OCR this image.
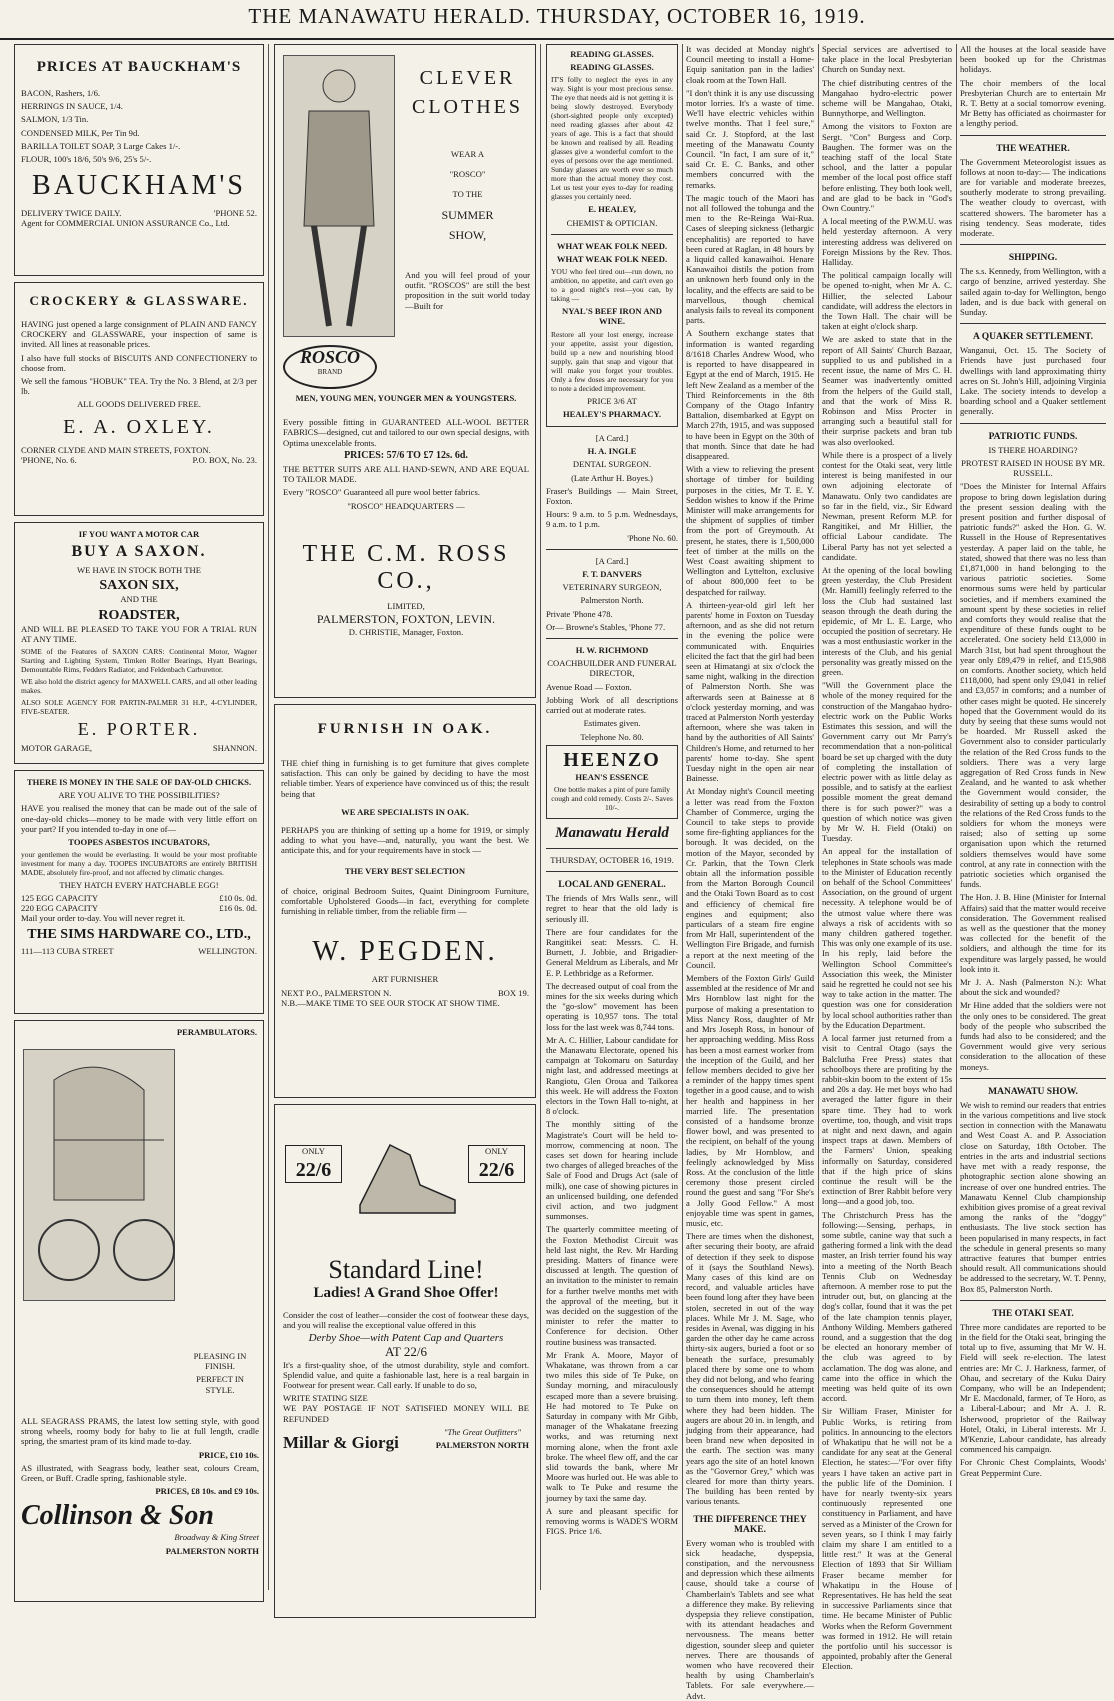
THE MANAWATU HERALD. THURSDAY, OCTOBER 16, 1919.
PRICES AT BAUCKHAM'S
BACON, Rashers, 1/6.
HERRINGS IN SAUCE, 1/4.
SALMON, 1/3 Tin.
CONDENSED MILK, Per Tin 9d.
BARILLA TOILET SOAP, 3 Large Cakes 1/-.
FLOUR, 100's 18/6, 50's 9/6, 25's 5/-.
BAUCKHAM'S
DELIVERY TWICE DAILY.	'PHONE 52.
Agent for COMMERCIAL UNION ASSURANCE Co., Ltd.
CROCKERY & GLASSWARE.
HAVING just opened a large consignment of PLAIN AND FANCY CROCKERY and GLASSWARE, your inspection of same is invited. All lines at reasonable prices.
I also have full stocks of BISCUITS AND CONFECTIONERY to choose from.
We sell the famous "HOBUK" TEA. Try the No. 3 Blend, at 2/3 per lb.
ALL GOODS DELIVERED FREE.
E. A. OXLEY.
CORNER CLYDE AND MAIN STREETS, FOXTON.
'PHONE, No. 6.	P.O. BOX, No. 23.
IF YOU WANT A MOTOR CAR
BUY A SAXON.
WE HAVE IN STOCK BOTH THE
SAXON SIX,
AND THE
ROADSTER,
AND WILL BE PLEASED TO TAKE YOU FOR A TRIAL RUN AT ANY TIME.
SOME of the Features of SAXON CARS: Continental Motor, Wagner Starting and Lighting System, Timken Roller Bearings, Hyatt Bearings, Demountable Rims, Fedders Radiator, and Feldenbach Carburettor.
WE also hold the district agency for MAXWELL CARS, and all other leading makes.
ALSO SOLE AGENCY FOR PARTIN-PALMER 31 H.P., 4-CYLINDER, FIVE-SEATER.
E. PORTER.
MOTOR GARAGE,	SHANNON.
THERE IS MONEY IN THE SALE OF DAY-OLD CHICKS.
ARE YOU ALIVE TO THE POSSIBILITIES?
HAVE you realised the money that can be made out of the sale of one-day-old chicks—money to be made with very little effort on your part? If you intended to-day in one of—
TOOPES ASBESTOS INCUBATORS,
your gentlemen the would be everlasting. It would be your most profitable investment for many a day. TOOPES INCUBATORS are entirely BRITISH MADE, absolutely fire-proof, and not affected by climatic changes.
THEY HATCH EVERY HATCHABLE EGG!
125 EGG CAPACITY	£10 0s. 0d.
220 EGG CAPACITY	£16 0s. 0d.
Mail your order to-day. You will never regret it.
THE SIMS HARDWARE CO., LTD.,
111—113 CUBA STREET	WELLINGTON.
PERAMBULATORS.
PLEASING IN FINISH.
PERFECT IN STYLE.
ALL SEAGRASS PRAMS, the latest low setting style, with good strong wheels, roomy body for baby to lie at full length, cradle spring, the smartest pram of its kind made to-day.
PRICE, £10 10s.
AS illustrated, with Seagrass body, leather seat, colours Cream, Green, or Buff. Cradle spring, fashionable style.
PRICES, £8 10s. and £9 10s.
Collinson & Son
Broadway & King Street
PALMERSTON NORTH
CLEVER
CLOTHES
WEAR A
"ROSCO"
TO THE
SUMMER
SHOW,
And you will feel proud of your outfit. "ROSCOS" are still the best proposition in the suit world today—Built for
ROSCO
BRAND
MEN, YOUNG MEN, YOUNGER MEN & YOUNGSTERS.
Every possible fitting in GUARANTEED ALL-WOOL BETTER FABRICS—designed, cut and tailored to our own special designs, with Optima unexcelable fronts.
PRICES: 57/6 TO £7 12s. 6d.
THE BETTER SUITS ARE ALL HAND-SEWN, AND ARE EQUAL TO TAILOR MADE.
Every "ROSCO" Guaranteed all pure wool better fabrics.
"ROSCO" HEADQUARTERS —
THE C.M. ROSS CO.,
LIMITED,
PALMERSTON, FOXTON, LEVIN.
D. CHRISTIE, Manager, Foxton.
FURNISH IN OAK.
THE chief thing in furnishing is to get furniture that gives complete satisfaction. This can only be gained by deciding to have the most reliable timber. Years of experience have convinced us of this; the result being that
WE ARE SPECIALISTS IN OAK.
PERHAPS you are thinking of setting up a home for 1919, or simply adding to what you have—and, naturally, you want the best. We anticipate this, and for your requirements have in stock —
THE VERY BEST SELECTION
of choice, original Bedroom Suites, Quaint Diningroom Furniture, comfortable Upholstered Goods—in fact, everything for complete furnishing in reliable timber, from the reliable firm —
W. PEGDEN.
ART FURNISHER
NEXT P.O., PALMERSTON N.	BOX 19.
N.B.—MAKE TIME TO SEE OUR STOCK AT SHOW TIME.
ONLY
22/6
ONLY
22/6
Standard Line!
Ladies! A Grand Shoe Offer!
Consider the cost of leather—consider the cost of footwear these days, and you will realise the exceptional value offered in this
Derby Shoe—with Patent Cap and Quarters
AT 22/6
It's a first-quality shoe, of the utmost durability, style and comfort. Splendid value, and quite a fashionable last, here is a real bargain in Footwear for present wear. Call early. If unable to do so,
WRITE STATING SIZE
WE PAY POSTAGE IF NOT SATISFIED MONEY WILL BE REFUNDED
Millar & Giorgi
"The Great Outfitters"
PALMERSTON NORTH
READING GLASSES.
READING GLASSES.
IT'S folly to neglect the eyes in any way. Sight is your most precious sense. The eye that needs aid is not getting it is being slowly destroyed. Everybody (short-sighted people only excepted) need reading glasses after about 42 years of age. This is a fact that should be known and realised by all. Reading glasses give a wonderful comfort to the eyes of persons over the age mentioned. Sunday glasses are worth ever so much more than the actual money they cost. Let us test your eyes to-day for reading glasses you certainly need.
E. HEALEY,
CHEMIST & OPTICIAN.
WHAT WEAK FOLK NEED.
WHAT WEAK FOLK NEED.
YOU who feel tired out—run down, no ambition, no appetite, and can't even go to a good night's rest—you can, by taking —
NYAL'S BEEF IRON AND WINE.
Restore all your lost energy, increase your appetite, assist your digestion, build up a new and nourishing blood supply, gain that snap and vigour that will make you forget your troubles. Only a few doses are necessary for you to note a decided improvement.
PRICE 3/6 AT
HEALEY'S PHARMACY.
[A Card.]
H. A. INGLE
DENTAL SURGEON.
(Late Arthur H. Boyes.)
Fraser's Buildings — Main Street, Foxton.
Hours: 9 a.m. to 5 p.m. Wednesdays, 9 a.m. to 1 p.m.
'Phone No. 60.
[A Card.]
F. T. DANVERS
VETERINARY SURGEON,
Palmerston North.
Private 'Phone 478.
Or— Browne's Stables, 'Phone 77.
H. W. RICHMOND
COACHBUILDER AND FUNERAL DIRECTOR,
Avenue Road — Foxton.
Jobbing Work of all descriptions carried out at moderate rates.
Estimates given.
Telephone No. 80.
HEENZO
HEAN'S ESSENCE
One bottle makes a pint of pure family cough and cold remedy. Costs 2/-. Saves 10/-.
Manawatu Herald
THURSDAY, OCTOBER 16, 1919.
LOCAL AND GENERAL.
The friends of Mrs Walls senr., will regret to hear that the old lady is seriously ill.
There are four candidates for the Rangitikei seat: Messrs. C. H. Burnett, J. Jobbie, and Brigadier-General Meldrum as Liberals, and Mr E. P. Lethbridge as a Reformer.
The decreased output of coal from the mines for the six weeks during which the "go-slow" movement has been operating is 10,957 tons. The total loss for the last week was 8,744 tons.
Mr A. C. Hillier, Labour candidate for the Manawatu Electorate, opened his campaign at Tokomaru on Saturday night last, and addressed meetings at Rangiotu, Glen Oroua and Taikorea this week. He will address the Foxton electors in the Town Hall to-night, at 8 o'clock.
The monthly sitting of the Magistrate's Court will be held to-morrow, commencing at noon. The cases set down for hearing include two charges of alleged breaches of the Sale of Food and Drugs Act (sale of milk), one case of showing pictures in an unlicensed building, one defended civil action, and two judgment summonses.
The quarterly committee meeting of the Foxton Methodist Circuit was held last night, the Rev. Mr Harding presiding. Matters of finance were discussed at length. The question of an invitation to the minister to remain for a further twelve months met with the approval of the meeting, but it was decided on the suggestion of the minister to refer the matter to Conference for decision. Other routine business was transacted.
Mr Frank A. Moore, Mayor of Whakatane, was thrown from a car two miles this side of Te Puke, on Sunday morning, and miraculously escaped more than a severe bruising. He had motored to Te Puke on Saturday in company with Mr Gibb, manager of the Whakatane freezing works, and was returning next morning alone, when the front axle broke. The wheel flew off, and the car slid towards the bank, where Mr Moore was hurled out. He was able to walk to Te Puke and resume the journey by taxi the same day.
A sure and pleasant specific for removing worms is WADE'S WORM FIGS. Price 1/6.
It was decided at Monday night's Council meeting to install a Home-Equip sanitation pan in the ladies' cloak room at the Town Hall.
"I don't think it is any use discussing motor lorries. It's a waste of time. We'll have electric vehicles within twelve months. That I feel sure," said Cr. J. Stopford, at the last meeting of the Manawatu County Council. "In fact, I am sure of it," said Cr. E. C. Banks, and other members concurred with the remarks.
The magic touch of the Maori has not all followed the tohunga and the men to the Re-Reinga Wai-Rua. Cases of sleeping sickness (lethargic encephalitis) are reported to have been cured at Raglan, in 48 hours by a liquid called kanawaihoi. Henare Kanawaihoi distils the potion from an unknown herb found only in the locality, and the effects are said to be marvellous, though chemical analysis fails to reveal its component parts.
A Southern exchange states that information is wanted regarding 8/1618 Charles Andrew Wood, who is reported to have disappeared in Egypt at the end of March, 1915. He left New Zealand as a member of the Third Reinforcements in the 8th Company of the Otago Infantry Battalion, disembarked at Egypt on March 27th, 1915, and was supposed to have been in Egypt on the 30th of that month. Since that date he had disappeared.
With a view to relieving the present shortage of timber for building purposes in the cities, Mr T. E. Y. Seddon wishes to know if the Prime Minister will make arrangements for the shipment of supplies of timber from the port of Greymouth. At present, he states, there is 1,500,000 feet of timber at the mills on the West Coast awaiting shipment to Wellington and Lyttelton, exclusive of about 800,000 feet to be despatched for railway.
A thirteen-year-old girl left her parents' home in Foxton on Tuesday afternoon, and as she did not return in the evening the police were communicated with. Enquiries elicited the fact that the girl had been seen at Himatangi at six o'clock the same night, walking in the direction of Palmerston North. She was afterwards seen at Bainesse at 8 o'clock yesterday morning, and was traced at Palmerston North yesterday afternoon, where she was taken in hand by the authorities of All Saints' Children's Home, and returned to her parents' home to-day. She spent Tuesday night in the open air near Bainesse.
At Monday night's Council meeting a letter was read from the Foxton Chamber of Commerce, urging the Council to take steps to provide some fire-fighting appliances for the borough. It was decided, on the motion of the Mayor, seconded by Cr. Parkin, that the Town Clerk obtain all the information possible from the Marton Borough Council and the Otaki Town Board as to cost and efficiency of chemical fire engines and equipment; also particulars of a steam fire engine from Mr Hall, superintendent of the Wellington Fire Brigade, and furnish a report at the next meeting of the Council.
Members of the Foxton Girls' Guild assembled at the residence of Mr and Mrs Hornblow last night for the purpose of making a presentation to Miss Nancy Ross, daughter of Mr and Mrs Joseph Ross, in honour of her approaching wedding. Miss Ross has been a most earnest worker from the inception of the Guild, and her fellow members decided to give her a reminder of the happy times spent together in a good cause, and to wish her health and happiness in her married life. The presentation consisted of a handsome bronze flower bowl, and was presented to the recipient, on behalf of the young ladies, by Mr Hornblow, and feelingly acknowledged by Miss Ross. At the conclusion of the little ceremony those present circled round the guest and sang "For She's a Jolly Good Fellow." A most enjoyable time was spent in games, music, etc.
There are times when the dishonest, after securing their booty, are afraid of detection if they seek to dispose of it (says the Southland News). Many cases of this kind are on record, and valuable articles have been found long after they have been stolen, secreted in out of the way places. While Mr J. M. Sage, who resides in Avenal, was digging in his garden the other day he came across thirty-six augers, buried a foot or so beneath the surface, presumably placed there by some one to whom they did not belong, and who fearing the consequences should he attempt to turn them into money, left them where they had been hidden. The augers are about 20 in. in length, and judging from their appearance, had been brand new when deposited in the earth. The section was many years ago the site of an hotel known as the "Governor Grey," which was cleared for more than thirty years. The building has been rented by various tenants.
THE DIFFERENCE THEY MAKE.
Every woman who is troubled with sick headache, dyspepsia, constipation, and the nervousness and depression which these ailments cause, should take a course of Chamberlain's Tablets and see what a difference they make. By relieving dyspepsia they relieve constipation, with its attendant headaches and nervousness. The means better digestion, sounder sleep and quieter nerves. There are thousands of women who have recovered their health by using Chamberlain's Tablets. For sale everywhere.—Advt.
Special services are advertised to take place in the local Presbyterian Church on Sunday next.
The chief distributing centres of the Mangahao hydro-electric power scheme will be Mangahao, Otaki, Bunnythorpe, and Wellington.
Among the visitors to Foxton are Sergt. "Con" Burgess and Corp. Baughen. The former was on the teaching staff of the local State school, and the latter a popular member of the local post office staff before enlisting. They both look well, and are glad to be back in "God's Own Country."
A local meeting of the P.W.M.U. was held yesterday afternoon. A very interesting address was delivered on Foreign Missions by the Rev. Thos. Halliday.
The political campaign locally will be opened to-night, when Mr A. C. Hillier, the selected Labour candidate, will address the electors in the Town Hall. The chair will be taken at eight o'clock sharp.
We are asked to state that in the report of All Saints' Church Bazaar, supplied to us and published in a recent issue, the name of Mrs C. H. Seamer was inadvertently omitted from the helpers of the Guild stall, and that the work of Miss R. Robinson and Miss Procter in arranging such a beautiful stall for their surprise packets and bran tub was also overlooked.
While there is a prospect of a lively contest for the Otaki seat, very little interest is being manifested in our own adjoining electorate of Manawatu. Only two candidates are so far in the field, viz., Sir Edward Newman, present Reform M.P. for Rangitikei, and Mr Hillier, the official Labour candidate. The Liberal Party has not yet selected a candidate.
At the opening of the local bowling green yesterday, the Club President (Mr. Hamill) feelingly referred to the loss the Club had sustained last season through the death during the epidemic, of Mr L. E. Large, who occupied the position of secretary. He was a most enthusiastic worker in the interests of the Club, and his genial personality was greatly missed on the green.
"Will the Government place the whole of the money required for the construction of the Mangahao hydro-electric work on the Public Works Estimates this session, and will the Government carry out Mr Parry's recommendation that a non-political board be set up charged with the duty of completing the installation of electric power with as little delay as possible, and to satisfy at the earliest possible moment the great demand there is for such power?" was a question of which notice was given by Mr W. H. Field (Otaki) on Tuesday.
An appeal for the installation of telephones in State schools was made to the Minister of Education recently on behalf of the School Committees' Association, on the ground of urgent necessity. A telephone would be of the utmost value where there was always a risk of accidents with so many children gathered together. This was only one example of its use. In his reply, laid before the Wellington School Committee's Association this week, the Minister said he regretted he could not see his way to take action in the matter. The question was one for consideration by local school authorities rather than by the Education Department.
A local farmer just returned from a visit to Central Otago (says the Balclutha Free Press) states that schoolboys there are profiting by the rabbit-skin boom to the extent of 15s and 20s a day. He met boys who had averaged the latter figure in their spare time. They had to work overtime, too, though, and visit traps at night and next dawn, and again inspect traps at dawn. Members of the Farmers' Union, speaking informally on Saturday, considered that if the high price of skins continue the result will be the extinction of Brer Rabbit before very long—and a good job, too.
The Christchurch Press has the following:—Sensing, perhaps, in some subtle, canine way that such a gathering formed a link with the dead master, an Irish terrier found his way into a meeting of the North Beach Tennis Club on Wednesday afternoon. A member rose to put the intruder out, but, on glancing at the dog's collar, found that it was the pet of the late champion tennis player, Anthony Wilding. Members gathered round, and a suggestion that the dog be elected an honorary member of the club was agreed to by acclamation. The dog was alone, and came into the office in which the meeting was held quite of its own accord.
Sir William Fraser, Minister for Public Works, is retiring from politics. In announcing to the electors of Whakatipu that he will not be a candidate for any seat at the General Election, he states:—"For over fifty years I have taken an active part in the public life of the Dominion. I have for nearly twenty-six years continuously represented one constituency in Parliament, and have served as a Minister of the Crown for seven years, so I think I may fairly claim my share I am entitled to a little rest." It was at the General Election of 1893 that Sir William Fraser became member for Whakatipu in the House of Representatives. He has held the seat in successive Parliaments since that time. He became Minister of Public Works when the Reform Government was formed in 1912. He will retain the portfolio until his successor is appointed, probably after the General Election.
All the houses at the local seaside have been booked up for the Christmas holidays.
The choir members of the local Presbyterian Church are to entertain Mr R. T. Betty at a social tomorrow evening. Mr Betty has officiated as choirmaster for a lengthy period.
THE WEATHER.
The Government Meteorologist issues as follows at noon to-day:— The indications are for variable and moderate breezes, southerly moderate to strong prevailing. The weather cloudy to overcast, with scattered showers. The barometer has a rising tendency. Seas moderate, tides moderate.
SHIPPING.
The s.s. Kennedy, from Wellington, with a cargo of benzine, arrived yesterday. She sailed again to-day for Wellington, bengo laden, and is due back with general on Sunday.
A QUAKER SETTLEMENT.
Wanganui, Oct. 15. The Society of Friends have just purchased four dwellings with land approximating thirty acres on St. John's Hill, adjoining Virginia Lake. The society intends to develop a boarding school and a Quaker settlement generally.
PATRIOTIC FUNDS.
IS THERE HOARDING?
PROTEST RAISED IN HOUSE BY MR. RUSSELL.
"Does the Minister for Internal Affairs propose to bring down legislation during the present session dealing with the present position and further disposal of patriotic funds?" asked the Hon. G. W. Russell in the House of Representatives yesterday. A paper laid on the table, he stated, showed that there was no less than £1,871,000 in hand belonging to the various patriotic societies. Some enormous sums were held by particular societies, and if members examined the amount spent by these societies in relief and comforts they would realise that the expenditure of these funds ought to be accelerated. One society held £13,000 in March 31st, but had spent throughout the year only £89,479 in relief, and £15,988 on comforts. Another society, which held £118,000, had spent only £9,041 in relief and £3,057 in comforts; and a number of other cases might be quoted. He sincerely hoped that the Government would do its duty by seeing that these sums would not be hoarded. Mr Russell asked the Government also to consider particularly the relation of the Red Cross funds to the soldiers. There was a very large aggregation of Red Cross funds in New Zealand, and he wanted to ask whether the Government would consider, the desirability of setting up a body to control the relations of the Red Cross funds to the soldiers for whom the moneys were raised; also of setting up some organisation upon which the returned soldiers themselves would have some control, at any rate in connection with the patriotic societies which organised the funds.
The Hon. J. B. Hine (Minister for Internal Affairs) said that the matter would receive consideration. The Government realised as well as the questioner that the money was collected for the benefit of the soldiers, and although the time for its expenditure was largely passed, he would look into it.
Mr J. A. Nash (Palmerston N.): What about the sick and wounded?
Mr Hine added that the soldiers were not the only ones to be considered. The great body of the people who subscribed the funds had also to be considered; and the Government would give very serious consideration to the allocation of these moneys.
MANAWATU SHOW.
We wish to remind our readers that entries in the various competitions and live stock section in connection with the Manawatu and West Coast A. and P. Association close on Saturday, 18th October. The entries in the arts and industrial sections have met with a ready response, the photographic section alone showing an increase of over one hundred entries. The Manawatu Kennel Club championship exhibition gives promise of a great revival among the ranks of the "doggy" enthusiasts. The live stock section has been popularised in many respects, in fact the schedule in general presents so many attractive features that bumper entries should result. All communications should be addressed to the secretary, W. T. Penny, Box 85, Palmerston North.
THE OTAKI SEAT.
Three more candidates are reported to be in the field for the Otaki seat, bringing the total up to five, assuming that Mr W. H. Field will seek re-election. The latest entries are: Mr C. J. Harkness, farmer, of Ohau, and secretary of the Kuku Dairy Company, who will be an Independent; Mr E. Macdonald, farmer, of Te Horo, as a Liberal-Labour; and Mr A. J. R. Isherwood, proprietor of the Railway Hotel, Otaki, in Liberal interests. Mr J. M'Kenzie, Labour candidate, has already commenced his campaign.
For Chronic Chest Complaints, Woods' Great Peppermint Cure.
